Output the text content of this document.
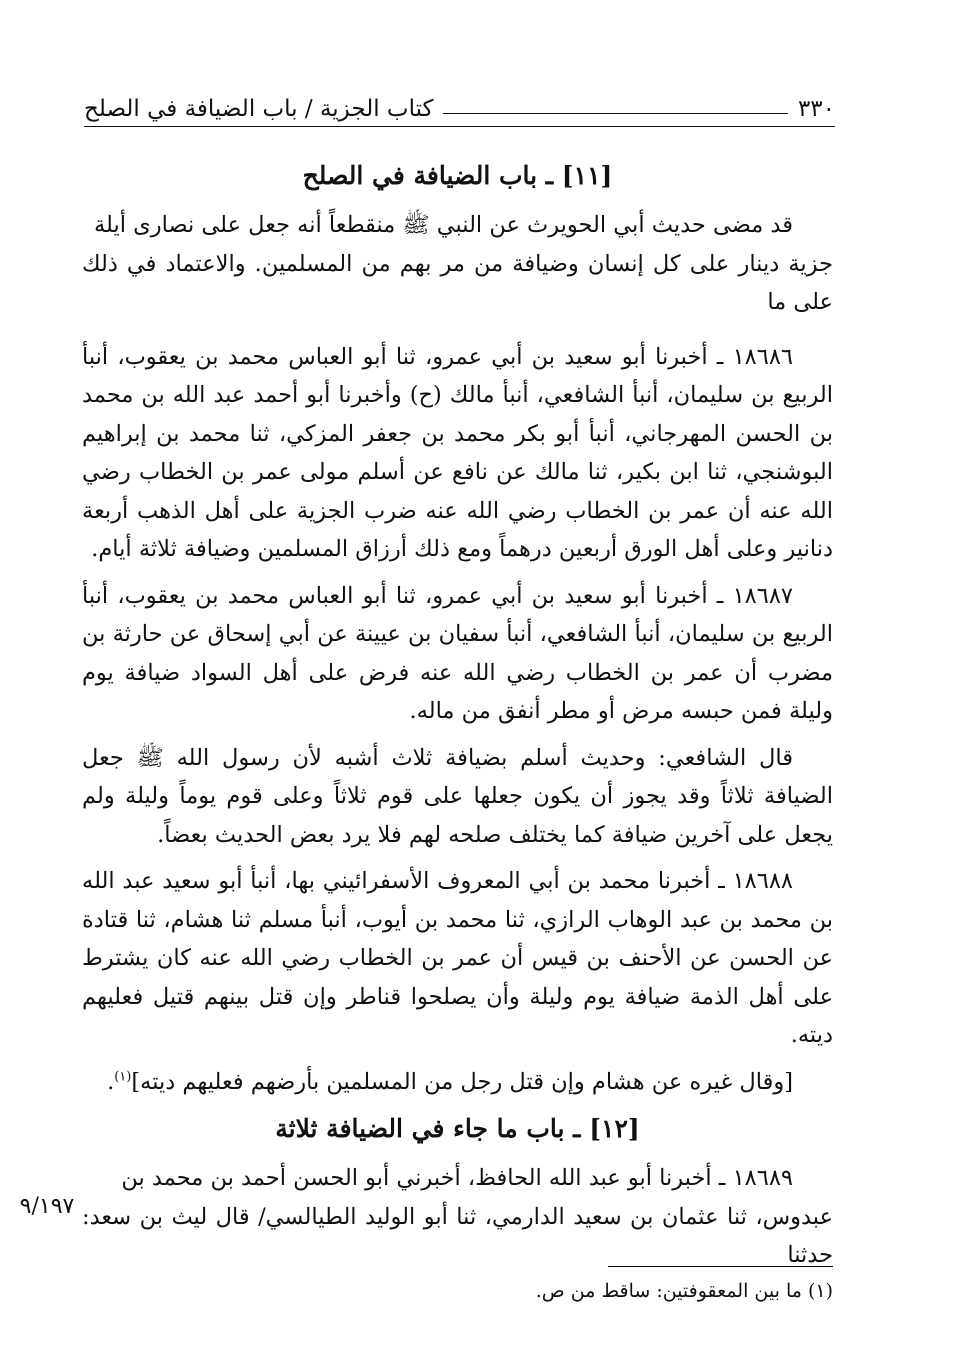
٣٣٠
كتاب الجزية / باب الضيافة في الصلح
[١١] ـ باب الضيافة في الصلح

قد مضى حديث أبي الحويرث عن النبي ﷺ منقطعاً أنه جعل على نصارى أيلة

جزية دينار على كل إنسان وضيافة من مر بهم من المسلمين. والاعتماد في ذلك على ما

١٨٦٨٦ ـ أخبرنا أبو سعيد بن أبي عمرو، ثنا أبو العباس محمد بن يعقوب، أنبأ الربيع بن سليمان، أنبأ الشافعي، أنبأ مالك (ح) وأخبرنا أبو أحمد عبد الله بن محمد بن الحسن المهرجاني، أنبأ أبو بكر محمد بن جعفر المزكي، ثنا محمد بن إبراهيم البوشنجي، ثنا ابن بكير، ثنا مالك عن نافع عن أسلم مولى عمر بن الخطاب رضي الله عنه أن عمر بن الخطاب رضي الله عنه ضرب الجزية على أهل الذهب أربعة دنانير وعلى أهل الورق أربعين درهماً ومع ذلك أرزاق المسلمين وضيافة ثلاثة أيام.

١٨٦٨٧ ـ أخبرنا أبو سعيد بن أبي عمرو، ثنا أبو العباس محمد بن يعقوب، أنبأ الربيع بن سليمان، أنبأ الشافعي، أنبأ سفيان بن عيينة عن أبي إسحاق عن حارثة بن مضرب أن عمر بن الخطاب رضي الله عنه فرض على أهل السواد ضيافة يوم وليلة فمن حبسه مرض أو مطر أنفق من ماله.

قال الشافعي: وحديث أسلم بضيافة ثلاث أشبه لأن رسول الله ﷺ جعل الضيافة ثلاثاً وقد يجوز أن يكون جعلها على قوم ثلاثاً وعلى قوم يوماً وليلة ولم يجعل على آخرين ضيافة كما يختلف صلحه لهم فلا يرد بعض الحديث بعضاً.

١٨٦٨٨ ـ أخبرنا محمد بن أبي المعروف الأسفرائيني بها، أنبأ أبو سعيد عبد الله بن محمد بن عبد الوهاب الرازي، ثنا محمد بن أيوب، أنبأ مسلم ثنا هشام، ثنا قتادة عن الحسن عن الأحنف بن قيس أن عمر بن الخطاب رضي الله عنه كان يشترط على أهل الذمة ضيافة يوم وليلة وأن يصلحوا قناطر وإن قتل بينهم قتيل فعليهم ديته.

[وقال غيره عن هشام وإن قتل رجل من المسلمين بأرضهم فعليهم ديته]$^{(١)}$.

[١٢] ـ باب ما جاء في الضيافة ثلاثة

١٨٦٨٩ ـ أخبرنا أبو عبد الله الحافظ، أخبرني أبو الحسن أحمد بن محمد بن

عبدوس، ثنا عثمان بن سعيد الدارمي، ثنا أبو الوليد الطيالسي/ قال ليث بن سعد: حدثنا

٩/١٩٧
(١) ما بين المعقوفتين: ساقط من ص.
